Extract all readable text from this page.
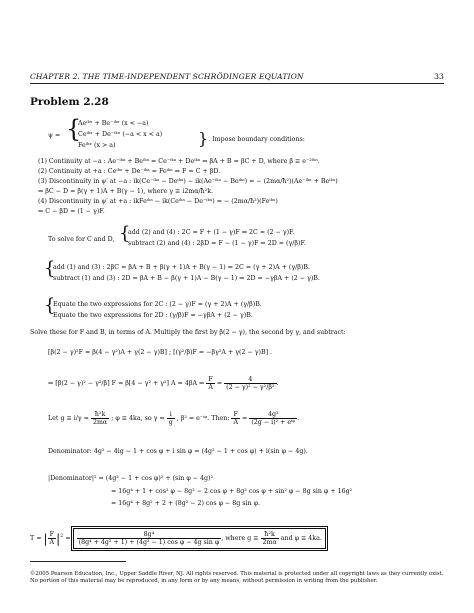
CHAPTER 2. THE TIME-INDEPENDENT SCHRÖDINGER EQUATION	33
Problem 2.28
ψ = {
Aeⁱᵏˣ + Be⁻ⁱᵏˣ (x < −a)
Ceⁱᵏˣ + De⁻ⁱᵏˣ (−a < x < a)
Feⁱᵏˣ (x > a)	}. Impose boundary conditions:
(1) Continuity at −a : Ae⁻ⁱᵏᵃ + Beⁱᵏᵃ = Ce⁻ⁱᵏᵃ + Deⁱᵏᵃ ⇒ βA + B = βC + D, where β ≡ e⁻²ⁱᵏᵃ.
(2) Continuity at +a : Ceⁱᵏᵃ + De⁻ⁱᵏᵃ = Feⁱᵏᵃ ⇒ F = C + βD.
(3) Discontinuity in ψ′ at −a : ik(Ce⁻ⁱᵏᵃ − Deⁱᵏᵃ) − ik(Ae⁻ⁱᵏᵃ − Beⁱᵏᵃ) = − (2mα/ħ²)(Ae⁻ⁱᵏᵃ + Beⁱᵏᵃ)
⇒ βC − D = β(γ + 1)A + B(γ − 1), where γ ≡ i2mα/ħ²k.
(4) Discontinuity in ψ′ at +a : ikFeⁱᵏᵃ − ik(Ceⁱᵏᵃ − De⁻ⁱᵏᵃ) = − (2mα/ħ²)(Feⁱᵏᵃ)
⇒ C − βD = (1 − γ)F.
To solve for C and D, {
add (2) and (4) : 2C = F + (1 − γ)F ⇒ 2C = (2 − γ)F.
subtract (2) and (4) : 2βD = F − (1 − γ)F ⇒ 2D = (γ/β)F.
{
add (1) and (3) : 2βC = βA + B + β(γ + 1)A + B(γ − 1) ⇒ 2C = (γ + 2)A + (γ/β)B.
subtract (1) and (3) : 2D = βA + B − β(γ + 1)A − B(γ − 1) ⇒ 2D = −γβA + (2 − γ)B.
{
Equate the two expressions for 2C : (2 − γ)F = (γ + 2)A + (γ/β)B.
Equate the two expressions for 2D : (γ/β)F = −γβA + (2 − γ)B.
Solve these for F and B, in terms of A. Multiply the first by β(2 − γ), the second by γ, and subtract:
[β(2 − γ)²F = β(4 − γ²)A + γ(2 − γ)B] ; [(γ²/β)F = −βγ²A + γ(2 − γ)B] .
⇒ [β(2 − γ)² − γ²/β] F = β[4 − γ² + γ²] A = 4βA ⇒ $\frac{F}{A} = \frac{4}{\text{(2 − γ)² − γ²/β²}}$ .
Let $g \equiv i/\gamma = \frac{\text{ħ²k}}{2m\alpha}$ ; φ ≡ 4ka, so $\gamma = \frac{i}{g}$ , β² = e⁻ⁱᵠ. Then: $\frac{F}{A} = \frac{\text{4g²}}{\text{(2g − i)² + eⁱᵠ}}$ .
Denominator: 4g² − 4ig − 1 + cos φ + i sin φ = (4g² − 1 + cos φ) + i(sin φ − 4g).
|Denominator|² = (4g² − 1 + cos φ)² + (sin φ − 4g)²
= 16g⁴ + 1 + cos² φ − 8g² − 2 cos φ + 8g² cos φ + sin² φ − 8g sin φ + 16g²
= 16g⁴ + 8g² + 2 + (8g² − 2) cos φ − 8g sin φ.
T = | $\frac{F}{A} |^2 = \frac{\text{8g⁴}}{\text{(8g⁴ + 4g² + 1) + (4g² − 1) cos φ − 4g sin φ}}$ , where $g \equiv \frac{\text{ħ²k}}{2m\alpha}$ and φ ≡ 4ka.
©2005 Pearson Education, Inc., Upper Saddle River, NJ. All rights reserved. This material is protected under all copyright laws as they currently exist. No portion of this material may be reproduced, in any form or by any means, without permission in writing from the publisher.
